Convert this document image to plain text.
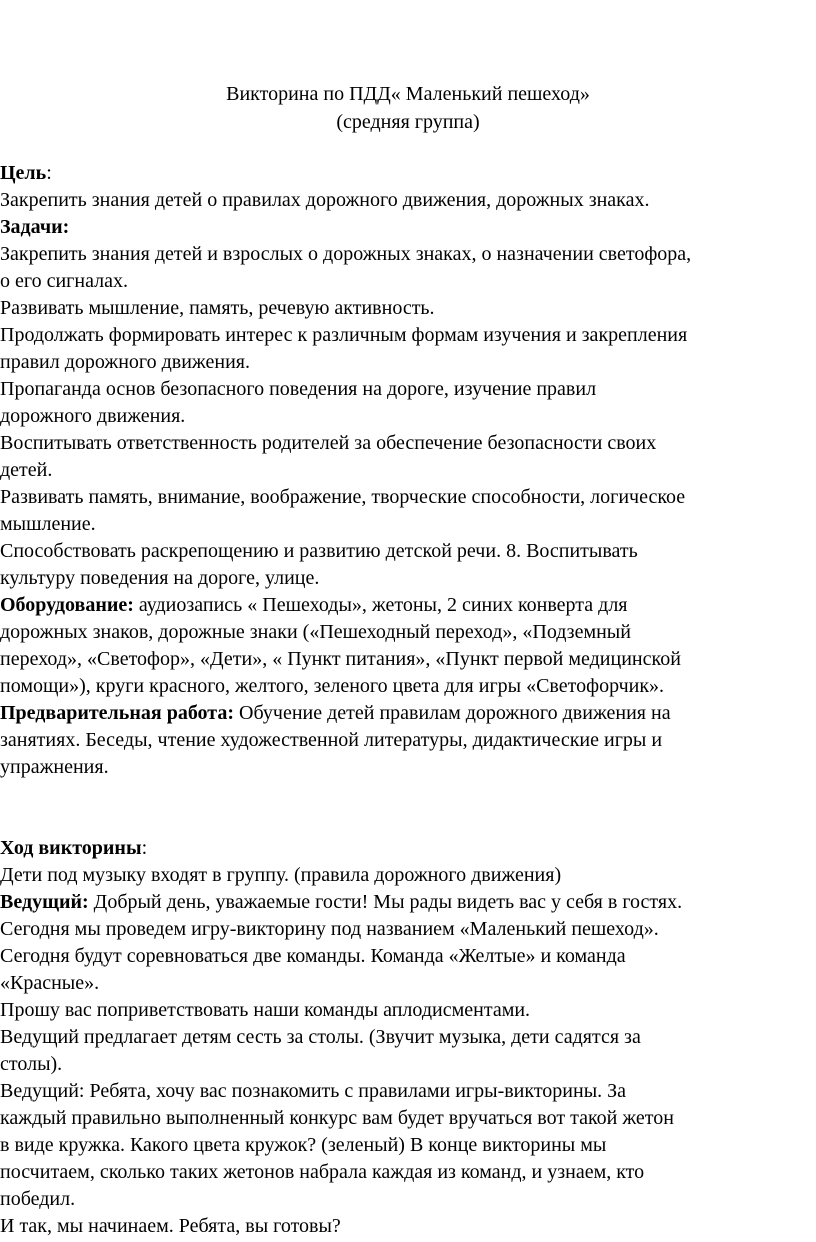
Викторина по ПДД« Маленький пешеход»
(средняя группа)
Цель:
Закрепить знания детей о правилах дорожного движения, дорожных знаках.
Задачи:
Закрепить знания детей и взрослых о дорожных знаках, о назначении светофора,
о его сигналах.
Развивать мышление, память, речевую активность.
Продолжать формировать интерес к различным формам изучения и закрепления
правил дорожного движения.
Пропаганда основ безопасного поведения на дороге, изучение правил
дорожного движения.
Воспитывать ответственность родителей за обеспечение безопасности своих
детей.
Развивать память, внимание, воображение, творческие способности, логическое
мышление.
Способствовать раскрепощению и развитию детской речи. 8. Воспитывать
культуру поведения на дороге, улице.
Оборудование: аудиозапись « Пешеходы», жетоны, 2 синих конверта для
дорожных знаков, дорожные знаки («Пешеходный переход», «Подземный
переход», «Светофор», «Дети», « Пункт питания», «Пункт первой медицинской
помощи»), круги красного, желтого, зеленого цвета для игры «Светофорчик».
Предварительная работа: Обучение детей правилам дорожного движения на
занятиях. Беседы, чтение художественной литературы, дидактические игры и
упражнения.
Ход викторины:
Дети под музыку входят в группу. (правила дорожного движения)
Ведущий: Добрый день, уважаемые гости! Мы рады видеть вас у себя в гостях.
Сегодня мы проведем игру-викторину под названием «Маленький пешеход».
Сегодня будут соревноваться две команды. Команда «Желтые» и команда
«Красные».
Прошу вас поприветствовать наши команды аплодисментами.
Ведущий предлагает детям сесть за столы. (Звучит музыка, дети садятся за
столы).
Ведущий: Ребята, хочу вас познакомить с правилами игры-викторины. За
каждый правильно выполненный конкурс вам будет вручаться вот такой жетон
в виде кружка. Какого цвета кружок? (зеленый) В конце викторины мы
посчитаем, сколько таких жетонов набрала каждая из команд, и узнаем, кто
победил.
И так, мы начинаем. Ребята, вы готовы?
